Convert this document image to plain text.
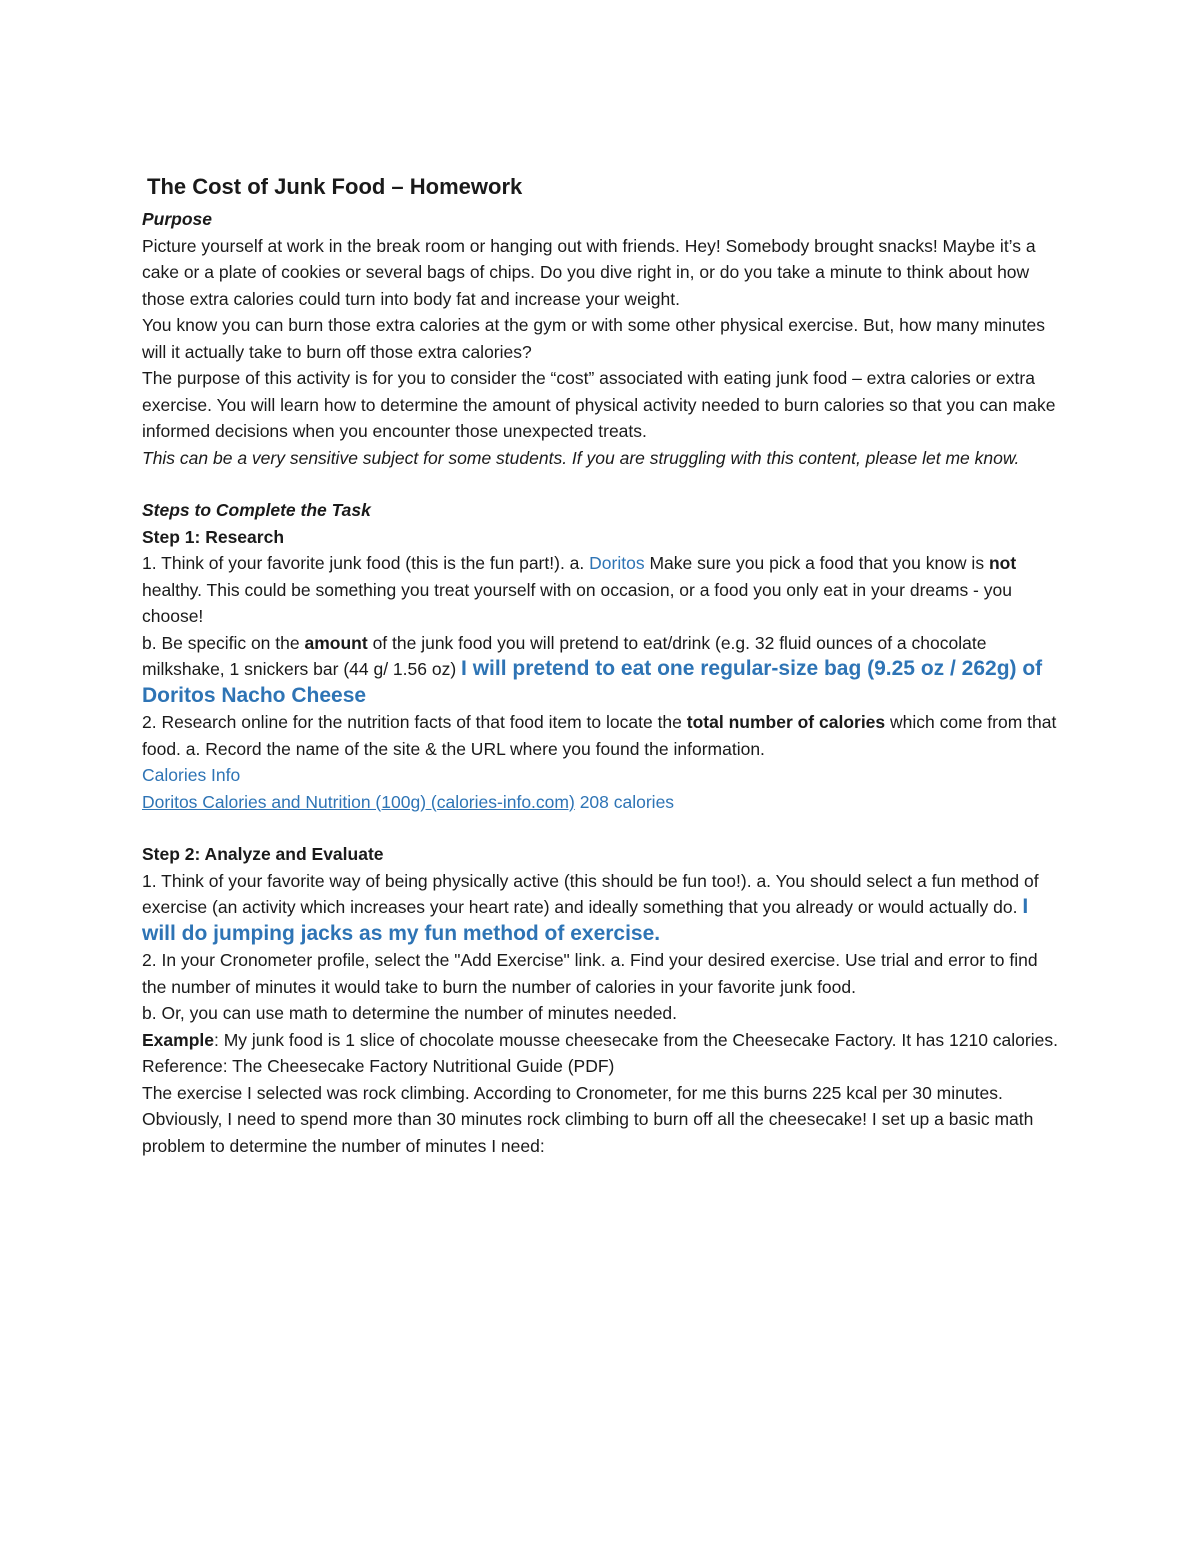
The Cost of Junk Food – Homework

Purpose

Picture yourself at work in the break room or hanging out with friends. Hey! Somebody brought snacks! Maybe it’s a cake or a plate of cookies or several bags of chips. Do you dive right in, or do you take a minute to think about how those extra calories could turn into body fat and increase your weight.

You know you can burn those extra calories at the gym or with some other physical exercise. But, how many minutes will it actually take to burn off those extra calories?

The purpose of this activity is for you to consider the “cost” associated with eating junk food – extra calories or extra exercise. You will learn how to determine the amount of physical activity needed to burn calories so that you can make informed decisions when you encounter those unexpected treats.

This can be a very sensitive subject for some students. If you are struggling with this content, please let me know.

Steps to Complete the Task

Step 1: Research

1. Think of your favorite junk food (this is the fun part!). a. Doritos Make sure you pick a food that you know is not healthy. This could be something you treat yourself with on occasion, or a food you only eat in your dreams - you choose!

b. Be specific on the amount of the junk food you will pretend to eat/drink (e.g. 32 fluid ounces of a chocolate milkshake, 1 snickers bar (44 g/ 1.56 oz) I will pretend to eat one regular-size bag (9.25 oz / 262g) of Doritos Nacho Cheese

2. Research online for the nutrition facts of that food item to locate the total number of calories which come from that food. a. Record the name of the site & the URL where you found the information.

Calories Info

Doritos Calories and Nutrition (100g) (calories-info.com) 208 calories

Step 2: Analyze and Evaluate

1. Think of your favorite way of being physically active (this should be fun too!). a. You should select a fun method of exercise (an activity which increases your heart rate) and ideally something that you already or would actually do. I will do jumping jacks as my fun method of exercise.

2. In your Cronometer profile, select the "Add Exercise" link. a. Find your desired exercise. Use trial and error to find the number of minutes it would take to burn the number of calories in your favorite junk food.

b. Or, you can use math to determine the number of minutes needed.

Example: My junk food is 1 slice of chocolate mousse cheesecake from the Cheesecake Factory. It has 1210 calories.

Reference: The Cheesecake Factory Nutritional Guide (PDF)

The exercise I selected was rock climbing. According to Cronometer, for me this burns 225 kcal per 30 minutes. Obviously, I need to spend more than 30 minutes rock climbing to burn off all the cheesecake! I set up a basic math problem to determine the number of minutes I need:
